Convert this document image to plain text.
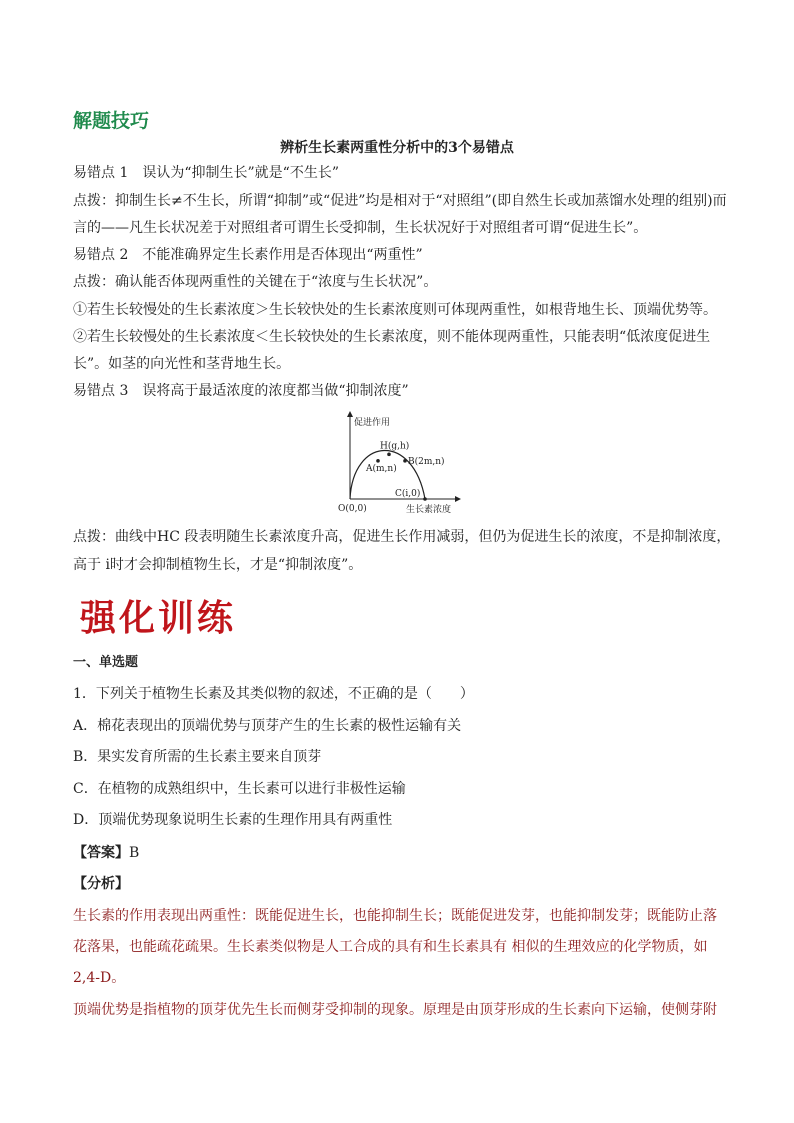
解题技巧
辨析生长素两重性分析中的3个易错点
易错点 1　误认为“抑制生长”就是“不生长”
点拨：抑制生长≠不生长，所谓“抑制”或“促进”均是相对于“对照组”(即自然生长或加蒸馏水处理的组别)而
言的——凡生长状况差于对照组者可谓生长受抑制，生长状况好于对照组者可谓“促进生长”。
易错点 2　不能准确界定生长素作用是否体现出“两重性”
点拨：确认能否体现两重性的关键在于“浓度与生长状况”。
①若生长较慢处的生长素浓度＞生长较快处的生长素浓度则可体现两重性，如根背地生长、顶端优势等。
②若生长较慢处的生长素浓度＜生长较快处的生长素浓度，则不能体现两重性，只能表明“低浓度促进生
长”。如茎的向光性和茎背地生长。
易错点 3　误将高于最适浓度的浓度都当做“抑制浓度”
促进作用
生长素浓度
O(0,0)
A(m,n)
H(g,h)
B(2m,n)
C(i,0)
点拨：曲线中HC 段表明随生长素浓度升高，促进生长作用减弱，但仍为促进生长的浓度，不是抑制浓度，
高于 i时才会抑制植物生长，才是“抑制浓度”。
强化训练
一、单选题
1．下列关于植物生长素及其类似物的叙述，不正确的是（　　）
A．棉花表现出的顶端优势与顶芽产生的生长素的极性运输有关
B．果实发育所需的生长素主要来自顶芽
C．在植物的成熟组织中，生长素可以进行非极性运输
D．顶端优势现象说明生长素的生理作用具有两重性
【答案】B
【分析】
生长素的作用表现出两重性：既能促进生长，也能抑制生长；既能促进发芽，也能抑制发芽；既能防止落
花落果，也能疏花疏果。生长素类似物是人工合成的具有和生长素具有 相似的生理效应的化学物质，如
2,4-D。
顶端优势是指植物的顶芽优先生长而侧芽受抑制的现象。原理是由顶芽形成的生长素向下运输，使侧芽附
